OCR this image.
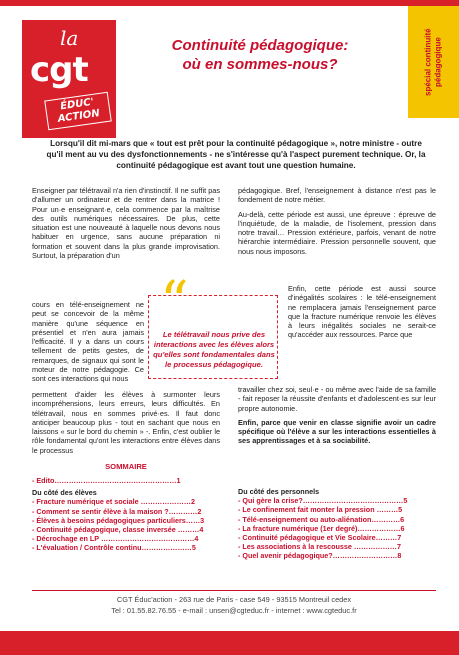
la
cgt
ÉDUC' ACTION
spécial continuité pédagogique
Continuité pédagogique:
où en sommes-nous?
Lorsqu'il dit mi-mars que « tout est prêt pour la continuité pédagogique », notre ministre - outre qu'il ment au vu des dysfonctionnements - ne s'intéresse qu'à l'aspect purement technique. Or, la continuité pédagogique est avant tout une question humaine.

Enseigner par télétravail n'a rien d'instinctif. Il ne suffit pas d'allumer un ordinateur et de rentrer dans la matrice ! Pour un·e enseignant·e, cela commence par la maîtrise des outils numériques nécessaires. De plus, cette situation est une nouveauté à laquelle nous devons nous habituer en urgence, sans aucune préparation ni formation et souvent dans la plus grande improvisation. Surtout, la préparation d'un

cours en télé-enseignement ne peut se concevoir de la même manière qu'une séquence en présentiel et n'en aura jamais l'efficacité. Il y a dans un cours tellement de petits gestes, de remarques, de signaux qui sont le moteur de notre pédagogie. Ce sont ces interactions qui nous

permettent d'aider les élèves à surmonter leurs incompréhensions, leurs erreurs, leurs difficultés. En télétravail, nous en sommes privé·es. Il faut donc anticiper beaucoup plus - tout en sachant que nous en laissons « sur le bord du chemin » -. Enfin, c'est oublier le rôle fondamental qu'ont les interactions entre élèves dans le processus

pédagogique. Bref, l'enseignement à distance n'est pas le fondement de notre métier.

Au-delà, cette période est aussi, une épreuve : épreuve de l'inquiétude, de la maladie, de l'isolement, pression dans notre travail… Pression extérieure, parfois, venant de notre hiérarchie intermédiaire. Pression personnelle souvent, que nous nous imposons.

Enfin, cette période est aussi source d'inégalités scolaires : le télé-enseignement ne remplacera jamais l'enseignement parce que la fracture numérique renvoie les élèves à leurs inégalités sociales ne serait-ce qu'accéder aux ressources. Parce que

travailler chez soi, seul·e - ou même avec l'aide de sa famille - fait reposer la réussite d'enfants et d'adolescent·es sur leur propre autonomie.

Enfin, parce que venir en classe signifie avoir un cadre spécifique où l'élève a sur les interactions essentielles à ses apprentissages et à sa sociabilité.

“
Le télétravail nous prive des interactions avec les élèves alors qu'elles sont fondamentales dans le processus pédagogique.
SOMMAIRE
- Edito……………………………………………1
Du côté des élèves
- Fracture numérique et sociale …………………2
- Comment se sentir élève à la maison ?…………2
- Élèves à besoins pédagogiques particuliers……3
- Continuité pédagogique, classe inversée ………4
- Décrochage en LP …………………………………4
- L'évaluation / Contrôle continu…………………5
Du côté des personnels
- Qui gère la crise?……………………………………5
- Le confinement fait monter la pression ………5
- Télé-enseignement ou auto-aliénation…………6
- La fracture numérique (1er degré)………………6
- Continuité pédagogique et Vie Scolaire………7
- Les associations à la rescousse ………………7
- Quel avenir pédagogique?………………………8
CGT Éduc'action - 263 rue de Paris - case 549 - 93515 Montreuil cedex
Tel : 01.55.82.76.55 - e-mail : unsen@cgteduc.fr - internet : www.cgteduc.fr
